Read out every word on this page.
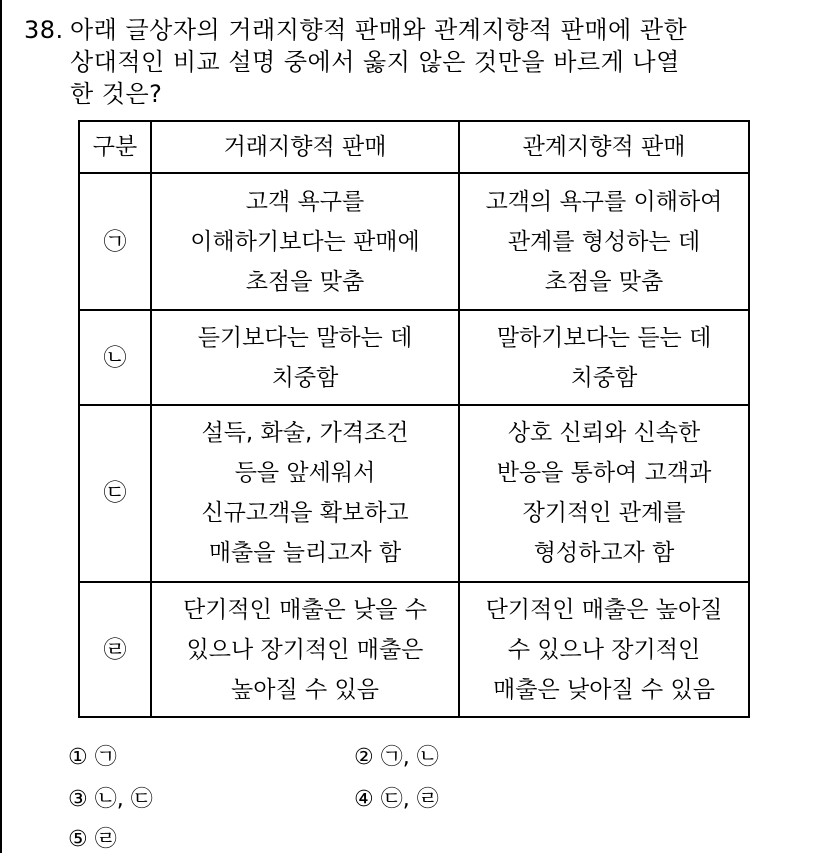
38. 아래 글상자의 거래지향적 판매와 관계지향적 판매에 관한
상대적인 비교 설명 중에서 옳지 않은 것만을 바르게 나열
한 것은?
구분	거래지향적 판매	관계지향적 판매
㉠	고객 욕구를
이해하기보다는 판매에
초점을 맞춤	고객의 욕구를 이해하여
관계를 형성하는 데
초점을 맞춤

㉡	듣기보다는 말하는 데
치중함	말하기보다는 듣는 데
치중함

㉢	설득, 화술, 가격조건
등을 앞세워서
신규고객을 확보하고
매출을 늘리고자 함	상호 신뢰와 신속한
반응을 통하여 고객과
장기적인 관계를
형성하고자 함

㉣	단기적인 매출은 낮을 수
있으나 장기적인 매출은
높아질 수 있음	단기적인 매출은 높아질
수 있으나 장기적인
매출은 낮아질 수 있음
① ㉠	② ㉠, ㉡
③ ㉡, ㉢	④ ㉢, ㉣
⑤ ㉣
